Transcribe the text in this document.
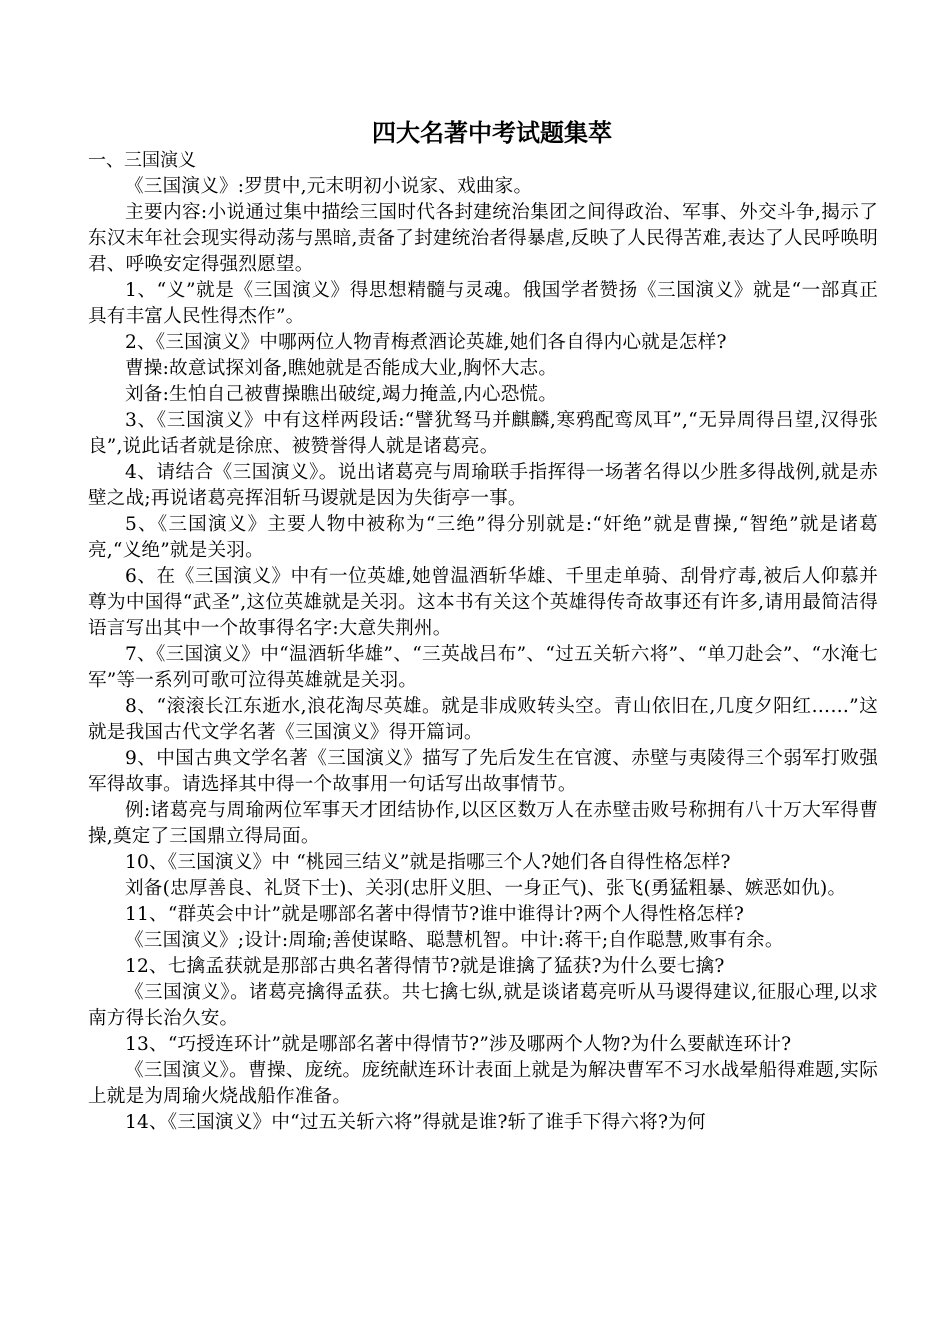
四大名著中考试题集萃

一、三国演义

《三国演义》:罗贯中,元末明初小说家、戏曲家。

主要内容:小说通过集中描绘三国时代各封建统治集团之间得政治、军事、外交斗争,揭示了东汉末年社会现实得动荡与黑暗,责备了封建统治者得暴虐,反映了人民得苦难,表达了人民呼唤明君、呼唤安定得强烈愿望。

1、“义”就是《三国演义》得思想精髓与灵魂。俄国学者赞扬《三国演义》就是“一部真正具有丰富人民性得杰作”。

2、《三国演义》中哪两位人物青梅煮酒论英雄,她们各自得内心就是怎样?

曹操:故意试探刘备,瞧她就是否能成大业,胸怀大志。

刘备:生怕自己被曹操瞧出破绽,竭力掩盖,内心恐慌。

3、《三国演义》中有这样两段话:“譬犹驽马并麒麟,寒鸦配鸾凤耳”,“无异周得吕望,汉得张良”,说此话者就是徐庶、被赞誉得人就是诸葛亮。

4、请结合《三国演义》。说出诸葛亮与周瑜联手指挥得一场著名得以少胜多得战例,就是赤壁之战;再说诸葛亮挥泪斩马谡就是因为失街亭一事。

5、《三国演义》主要人物中被称为“三绝”得分别就是:“奸绝”就是曹操,“智绝”就是诸葛亮,“义绝”就是关羽。

6、在《三国演义》中有一位英雄,她曾温酒斩华雄、千里走单骑、刮骨疗毒,被后人仰慕并尊为中国得“武圣”,这位英雄就是关羽。这本书有关这个英雄得传奇故事还有许多,请用最简洁得语言写出其中一个故事得名字:大意失荆州。

7、《三国演义》中“温酒斩华雄”、“三英战吕布”、“过五关斩六将”、“单刀赴会”、“水淹七军”等一系列可歌可泣得英雄就是关羽。

8、“滚滚长江东逝水,浪花淘尽英雄。就是非成败转头空。青山依旧在,几度夕阳红……”这就是我国古代文学名著《三国演义》得开篇词。

9、中国古典文学名著《三国演义》描写了先后发生在官渡、赤壁与夷陵得三个弱军打败强军得故事。请选择其中得一个故事用一句话写出故事情节。

例:诸葛亮与周瑜两位军事天才团结协作,以区区数万人在赤壁击败号称拥有八十万大军得曹操,奠定了三国鼎立得局面。

10、《三国演义》中 “桃园三结义”就是指哪三个人?她们各自得性格怎样?

刘备(忠厚善良、礼贤下士)、关羽(忠肝义胆、一身正气)、张飞(勇猛粗暴、嫉恶如仇)。

11、“群英会中计”就是哪部名著中得情节?谁中谁得计?两个人得性格怎样?

《三国演义》;设计:周瑜;善使谋略、聪慧机智。中计:蒋干;自作聪慧,败事有余。

12、七擒孟获就是那部古典名著得情节?就是谁擒了猛获?为什么要七擒?

《三国演义》。诸葛亮擒得孟获。共七擒七纵,就是谈诸葛亮听从马谡得建议,征服心理,以求南方得长治久安。

13、“巧授连环计”就是哪部名著中得情节?”涉及哪两个人物?为什么要献连环计?

《三国演义》。曹操、庞统。庞统献连环计表面上就是为解决曹军不习水战晕船得难题,实际上就是为周瑜火烧战船作准备。

14、《三国演义》中“过五关斩六将”得就是谁?斩了谁手下得六将?为何
